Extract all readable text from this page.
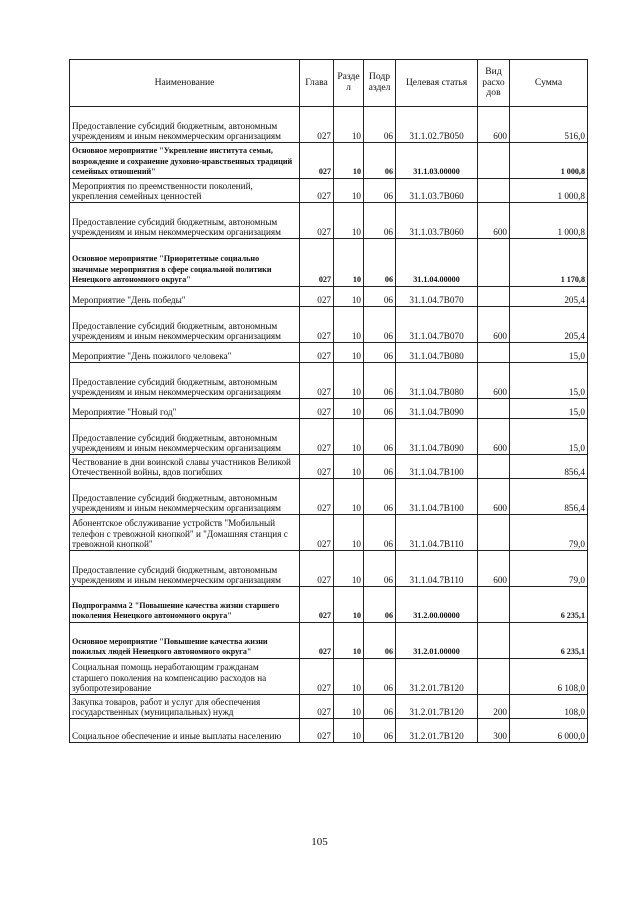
Наименование	Глава	Разде л	Подр аздел	Целевая статья	Вид расхо дов	Сумма
Предоставление субсидий бюджетным, автономным учреждениям и иным некоммерческим организациям	027	10	06	31.1.02.7В050	600	516,0
Основное мероприятие "Укрепление института семьи, возрождение и сохранение духовно-нравственных традиций семейных отношений"	027	10	06	31.1.03.00000		1 000,8
Мероприятия по преемственности поколений, укрепления семейных ценностей	027	10	06	31.1.03.7В060		1 000,8
Предоставление субсидий бюджетным, автономным учреждениям и иным некоммерческим организациям	027	10	06	31.1.03.7В060	600	1 000,8
Основное мероприятие "Приоритетные социально значимые мероприятия в сфере социальной политики Ненецкого автономного округа"	027	10	06	31.1.04.00000		1 170,8
Мероприятие "День победы"	027	10	06	31.1.04.7В070		205,4
Предоставление субсидий бюджетным, автономным учреждениям и иным некоммерческим организациям	027	10	06	31.1.04.7В070	600	205,4
Мероприятие "День пожилого человека"	027	10	06	31.1.04.7В080		15,0
Предоставление субсидий бюджетным, автономным учреждениям и иным некоммерческим организациям	027	10	06	31.1.04.7В080	600	15,0
Мероприятие "Новый год"	027	10	06	31.1.04.7В090		15,0
Предоставление субсидий бюджетным, автономным учреждениям и иным некоммерческим организациям	027	10	06	31.1.04.7В090	600	15,0
Чествование в дни воинской славы участников Великой Отечественной войны, вдов погибших	027	10	06	31.1.04.7В100		856,4
Предоставление субсидий бюджетным, автономным учреждениям и иным некоммерческим организациям	027	10	06	31.1.04.7В100	600	856,4
Абонентское обслуживание устройств "Мобильный телефон с тревожной кнопкой" и "Домашняя станция с тревожной кнопкой"	027	10	06	31.1.04.7В110		79,0
Предоставление субсидий бюджетным, автономным учреждениям и иным некоммерческим организациям	027	10	06	31.1.04.7В110	600	79,0
Подпрограмма 2 "Повышение качества жизни старшего поколения Ненецкого автономного округа"	027	10	06	31.2.00.00000		6 235,1
Основное мероприятие "Повышение качества жизни пожилых людей Ненецкого автономного округа"	027	10	06	31.2.01.00000		6 235,1
Социальная помощь неработающим гражданам старшего поколения на компенсацию расходов на зубопротезирование	027	10	06	31.2.01.7В120		6 108,0
Закупка товаров, работ и услуг для обеспечения государственных (муниципальных) нужд	027	10	06	31.2.01.7В120	200	108,0
Социальное обеспечение и иные выплаты населению	027	10	06	31.2.01.7В120	300	6 000,0
105
